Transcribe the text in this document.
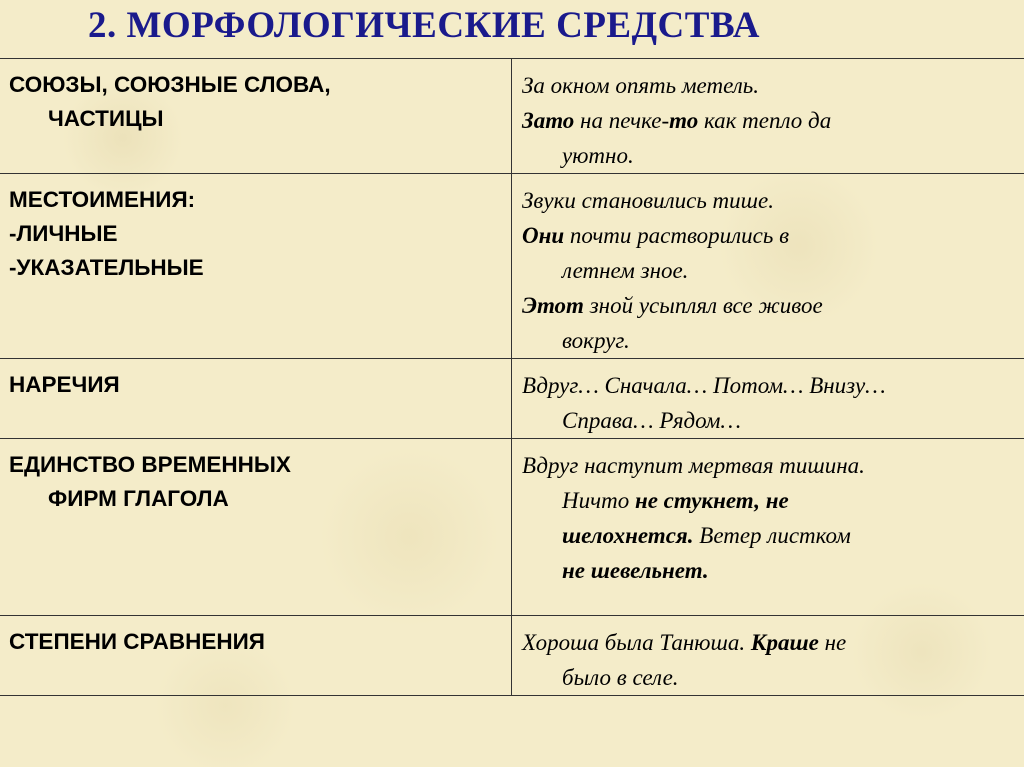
2. МОРФОЛОГИЧЕСКИЕ СРЕДСТВА
СОЮЗЫ, СОЮЗНЫЕ СЛОВА,
ЧАСТИЦЫ	За окном опять метель.
Зато на печке-то как тепло да
уютно.

МЕСТОИМЕНИЯ:
-ЛИЧНЫЕ
-УКАЗАТЕЛЬНЫЕ	Звуки становились тише.
Они почти растворились в
летнем зное.
Этот зной усыплял все живое
вокруг.

НАРЕЧИЯ	Вдруг… Сначала… Потом… Внизу…
Справа… Рядом…

ЕДИНСТВО ВРЕМЕННЫХ
ФИРМ ГЛАГОЛА	Вдруг наступит мертвая тишина.
Ничто не стукнет, не
шелохнется. Ветер листком
не шевельнет.

СТЕПЕНИ СРАВНЕНИЯ	Хороша была Танюша. Краше не
было в селе.
